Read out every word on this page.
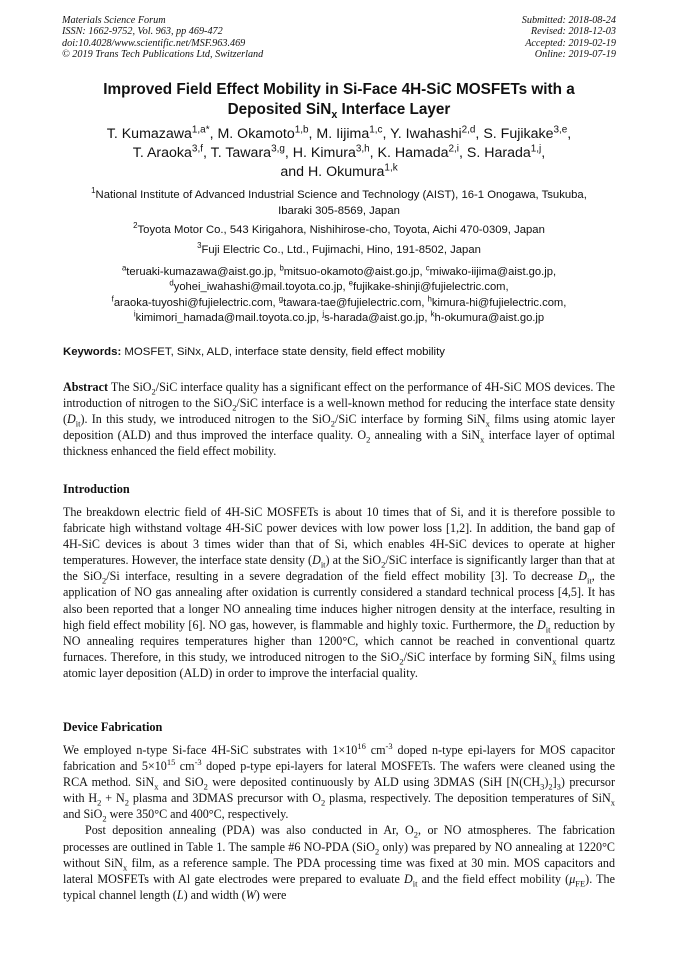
Materials Science Forum
ISSN: 1662-9752, Vol. 963, pp 469-472
doi:10.4028/www.scientific.net/MSF.963.469
© 2019 Trans Tech Publications Ltd, Switzerland
Submitted: 2018-08-24
Revised: 2018-12-03
Accepted: 2019-02-19
Online: 2019-07-19
Improved Field Effect Mobility in Si-Face 4H-SiC MOSFETs with a
Deposited SiN$_x$ Interface Layer
T. Kumazawa$^{1,a*}$, M. Okamoto$^{1,b}$, M. Iijima$^{1,c}$, Y. Iwahashi$^{2,d}$, S. Fujikake$^{3,e}$,
T. Araoka$^{3,f}$, T. Tawara$^{3,g}$, H. Kimura$^{3,h}$, K. Hamada$^{2,i}$, S. Harada$^{1,j}$,
and H. Okumura$^{1,k}$
$^1$National Institute of Advanced Industrial Science and Technology (AIST), 16-1 Onogawa, Tsukuba,
Ibaraki 305-8569, Japan
$^2$Toyota Motor Co., 543 Kirigahora, Nishihirose-cho, Toyota, Aichi 470-0309, Japan
$^3$Fuji Electric Co., Ltd., Fujimachi, Hino, 191-8502, Japan
$^a$teruaki-kumazawa@aist.go.jp, $^b$mitsuo-okamoto@aist.go.jp, $^c$miwako-iijima@aist.go.jp,
$^d$yohei_iwahashi@mail.toyota.co.jp, $^e$fujikake-shinji@fujielectric.com,
$^f$araoka-tuyoshi@fujielectric.com, $^g$tawara-tae@fujielectric.com, $^h$kimura-hi@fujielectric.com,
$^i$kimimori_hamada@mail.toyota.co.jp, $^j$s-harada@aist.go.jp, $^k$h-okumura@aist.go.jp
Keywords: MOSFET, SiNx, ALD, interface state density, field effect mobility
Abstract The SiO$_2$/SiC interface quality has a significant effect on the performance of 4H-SiC MOS devices. The introduction of nitrogen to the SiO$_2$/SiC interface is a well-known method for reducing the interface state density $(D_{it})$. In this study, we introduced nitrogen to the SiO$_2$/SiC interface by forming SiN$_x$ films using atomic layer deposition (ALD) and thus improved the interface quality. $O_2$ annealing with a SiN$_x$ interface layer of optimal thickness enhanced the field effect mobility.
Introduction
The breakdown electric field of 4H-SiC MOSFETs is about 10 times that of Si, and it is therefore possible to fabricate high withstand voltage 4H-SiC power devices with low power loss [1,2]. In addition, the band gap of 4H-SiC devices is about 3 times wider than that of Si, which enables 4H-SiC devices to operate at higher temperatures. However, the interface state density $(D_{it})$ at the SiO$_2$/SiC interface is significantly larger than that at the SiO$_2$/Si interface, resulting in a severe degradation of the field effect mobility [3]. To decrease $D_{it}$, the application of NO gas annealing after oxidation is currently considered a standard technical process [4,5]. It has also been reported that a longer NO annealing time induces higher nitrogen density at the interface, resulting in high field effect mobility [6]. NO gas, however, is flammable and highly toxic. Furthermore, the $D_{it}$ reduction by NO annealing requires temperatures higher than 1200°C, which cannot be reached in conventional quartz furnaces. Therefore, in this study, we introduced nitrogen to the SiO$_2$/SiC interface by forming SiN$_x$ films using atomic layer deposition (ALD) in order to improve the interfacial quality.
Device Fabrication
We employed n-type Si-face 4H-SiC substrates with $1\times 10^{16}$ $cm^{-3}$ doped n-type epi-layers for MOS capacitor fabrication and $5\times 10^{15}$ $cm^{-3}$ doped p-type epi-layers for lateral MOSFETs. The wafers were cleaned using the RCA method. SiN$_x$ and SiO$_2$ were deposited continuously by ALD using 3DMAS (SiH $[N(CH_3)_2]_3$) precursor with $H_2 + N_2$ plasma and 3DMAS precursor with $O_2$ plasma, respectively. The deposition temperatures of SiN$_x$ and SiO$_2$ were 350°C and 400°C, respectively.
Post deposition annealing (PDA) was also conducted in Ar, $O_2$, or NO atmospheres. The fabrication processes are outlined in Table 1. The sample #6 NO-PDA (SiO$_2$ only) was prepared by NO annealing at 1220°C without SiN$_x$ film, as a reference sample. The PDA processing time was fixed at 30 min. MOS capacitors and lateral MOSFETs with Al gate electrodes were prepared to evaluate $D_{it}$ and the field effect mobility $(\mu_{FE})$. The typical channel length (L) and width (W) were
